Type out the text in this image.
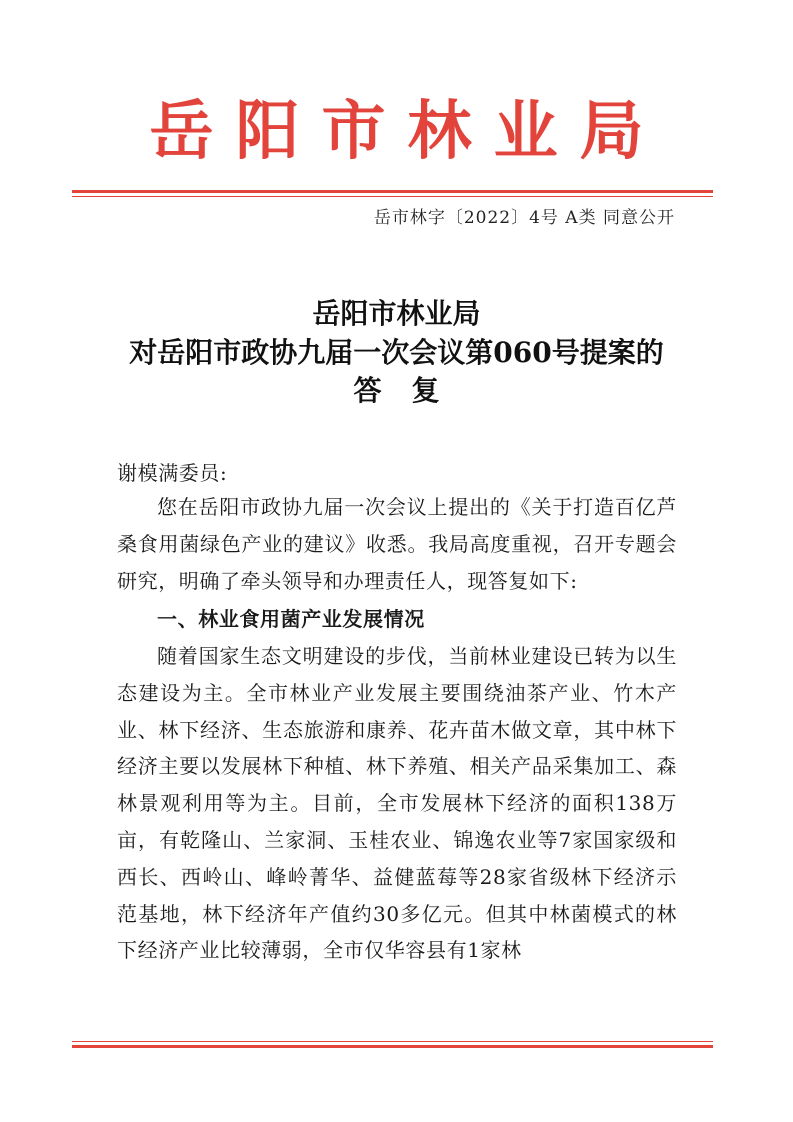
岳阳市林业局
岳市林字〔2022〕4号 A类 同意公开
岳阳市林业局
对岳阳市政协九届一次会议第060号提案的
答复
谢模满委员:

您在岳阳市政协九届一次会议上提出的《关于打造百亿芦桑食用菌绿色产业的建议》收悉。我局高度重视，召开专题会研究，明确了牵头领导和办理责任人，现答复如下:

一、林业食用菌产业发展情况

随着国家生态文明建设的步伐，当前林业建设已转为以生态建设为主。全市林业产业发展主要围绕油茶产业、竹木产业、林下经济、生态旅游和康养、花卉苗木做文章，其中林下经济主要以发展林下种植、林下养殖、相关产品采集加工、森林景观利用等为主。目前，全市发展林下经济的面积138万亩，有乾隆山、兰家洞、玉桂农业、锦逸农业等7家国家级和西长、西岭山、峰岭菁华、益健蓝莓等28家省级林下经济示范基地，林下经济年产值约30多亿元。但其中林菌模式的林下经济产业比较薄弱，全市仅华容县有1家林
